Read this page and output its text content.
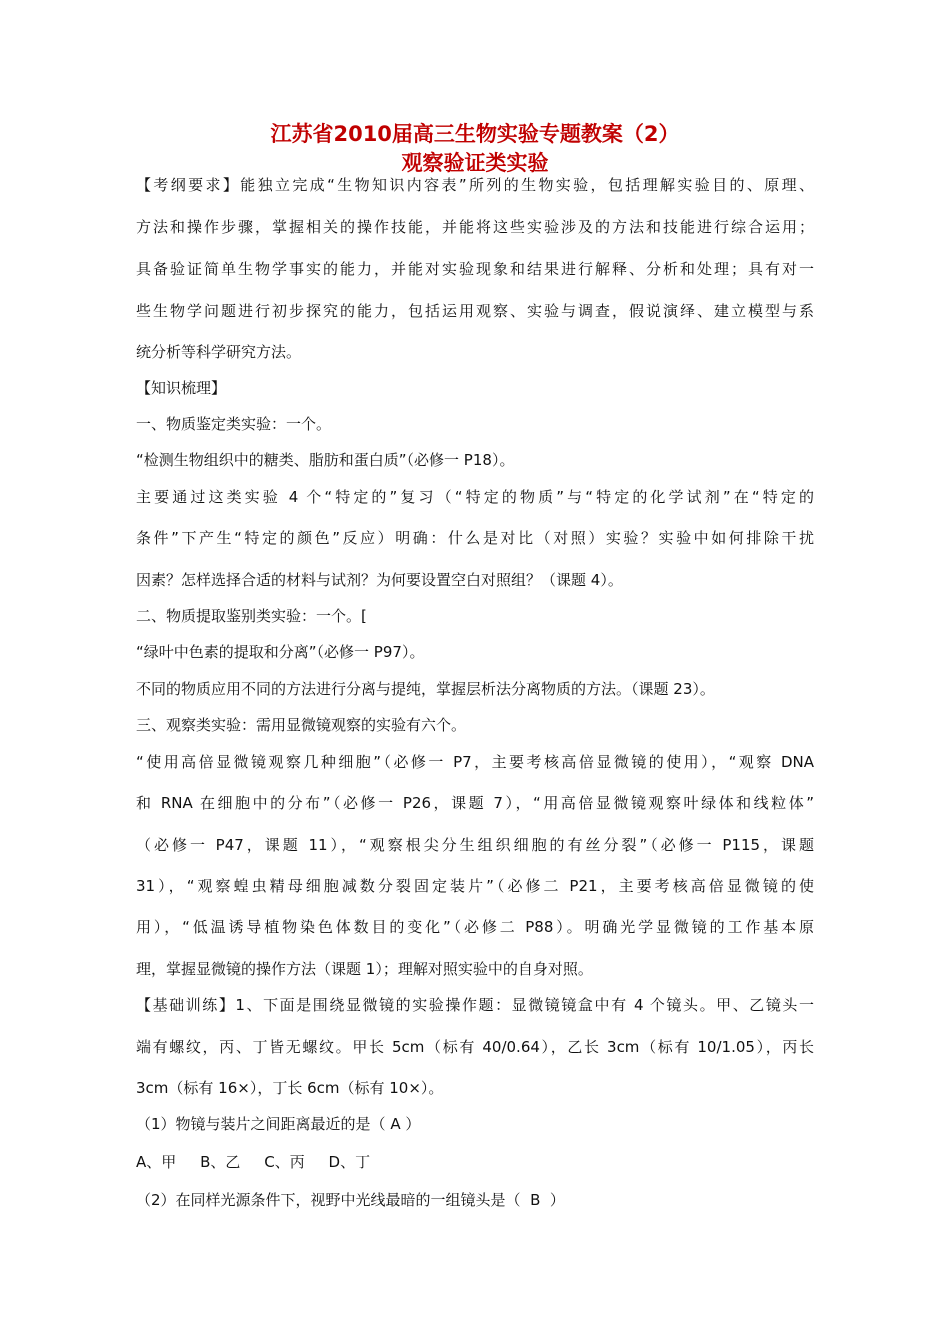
江苏省2010届高三生物实验专题教案（2）
观察验证类实验
【考纲要求】能独立完成“生物知识内容表”所列的生物实验，包括理解实验目的、原理、
方法和操作步骤，掌握相关的操作技能，并能将这些实验涉及的方法和技能进行综合运用；
具备验证简单生物学事实的能力，并能对实验现象和结果进行解释、分析和处理；具有对一
些生物学问题进行初步探究的能力，包括运用观察、实验与调查，假说演绎、建立模型与系
统分析等科学研究方法。
【知识梳理】
一、物质鉴定类实验：一个。
“检测生物组织中的糖类、脂肪和蛋白质”（必修一 P18）。
主要通过这类实验 4 个“特定的”复习（“特定的物质”与“特定的化学试剂”在“特定的
条件”下产生“特定的颜色”反应）明确：什么是对比（对照）实验？实验中如何排除干扰
因素？怎样选择合适的材料与试剂？为何要设置空白对照组？（课题 4）。
二、物质提取鉴别类实验：一个。[
“绿叶中色素的提取和分离”（必修一 P97）。
不同的物质应用不同的方法进行分离与提纯，掌握层析法分离物质的方法。（课题 23）。
三、观察类实验：需用显微镜观察的实验有六个。
“使用高倍显微镜观察几种细胞”（必修一 P7，主要考核高倍显微镜的使用），“观察 DNA
和 RNA 在细胞中的分布”（必修一 P26，课题 7），“用高倍显微镜观察叶绿体和线粒体”
（必修一 P47，课题 11），“观察根尖分生组织细胞的有丝分裂”（必修一 P115，课题
31），“观察蝗虫精母细胞减数分裂固定装片”（必修二 P21，主要考核高倍显微镜的使
用），“低温诱导植物染色体数目的变化”（必修二 P88）。明确光学显微镜的工作基本原
理，掌握显微镜的操作方法（课题 1）；理解对照实验中的自身对照。
【基础训练】1、下面是围绕显微镜的实验操作题：显微镜镜盒中有 4 个镜头。甲、乙镜头一
端有螺纹，丙、丁皆无螺纹。甲长 5cm（标有 40/0.64），乙长 3cm（标有 10/1.05），丙长
3cm（标有 16×），丁长 6cm（标有 10×）。
（1）物镜与装片之间距离最近的是（ A ）
A、甲     B、乙     C、丙     D、丁
（2）在同样光源条件下，视野中光线最暗的一组镜头是（  B  ）
